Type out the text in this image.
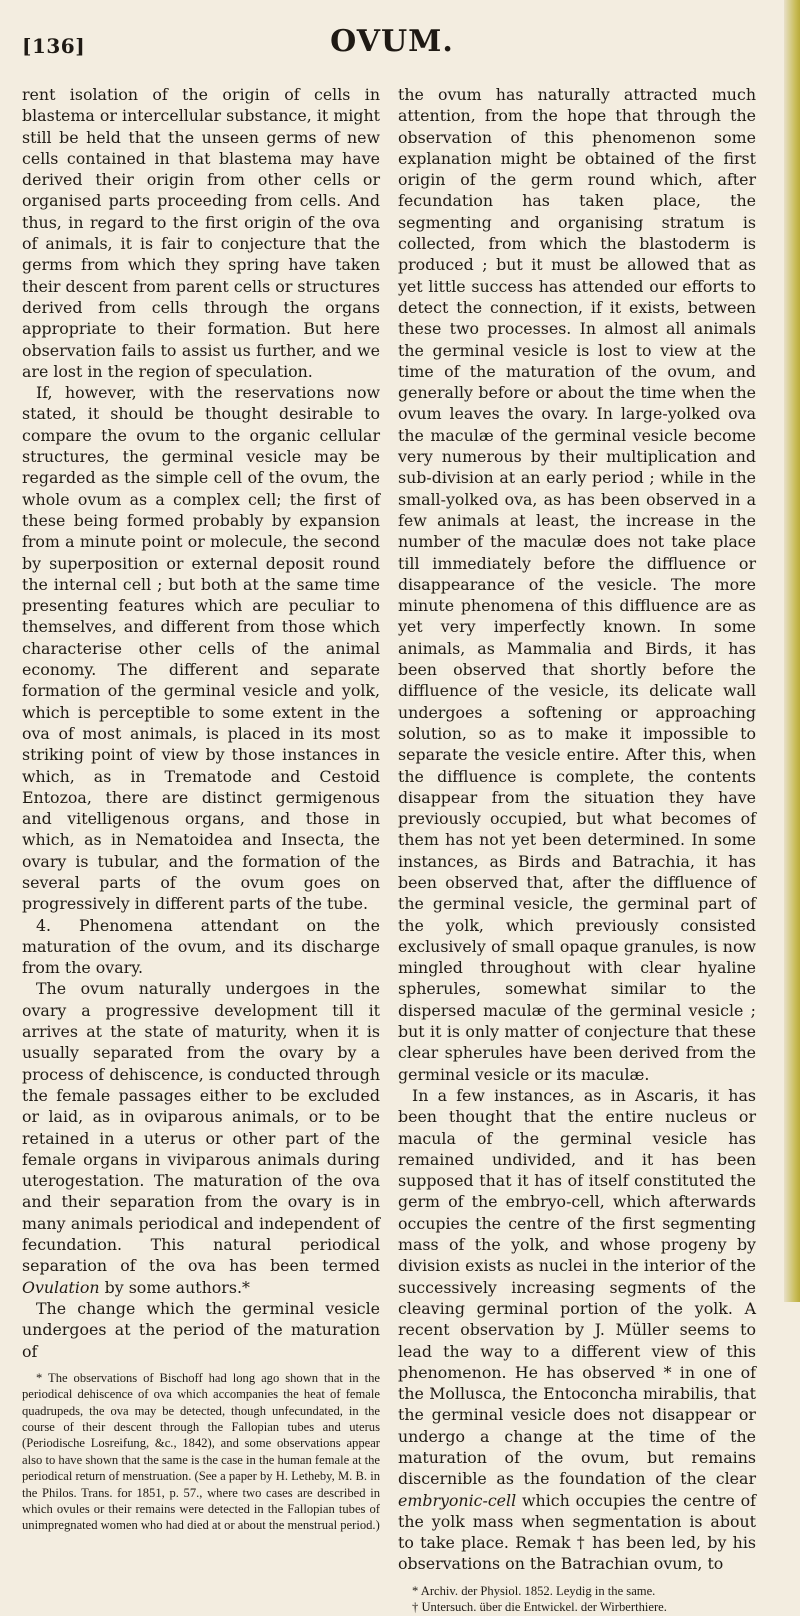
[136]	OVUM.

rent isolation of the origin of cells in blastema or intercellular substance, it might still be held that the unseen germs of new cells contained in that blastema may have derived their origin from other cells or organised parts proceeding from cells. And thus, in regard to the first origin of the ova of animals, it is fair to conjecture that the germs from which they spring have taken their descent from parent cells or structures derived from cells through the organs appropriate to their formation. But here observation fails to assist us further, and we are lost in the region of speculation.

If, however, with the reservations now stated, it should be thought desirable to compare the ovum to the organic cellular structures, the germinal vesicle may be regarded as the simple cell of the ovum, the whole ovum as a complex cell; the first of these being formed probably by expansion from a minute point or molecule, the second by superposition or external deposit round the internal cell ; but both at the same time presenting features which are peculiar to themselves, and different from those which characterise other cells of the animal economy. The different and separate formation of the germinal vesicle and yolk, which is perceptible to some extent in the ova of most animals, is placed in its most striking point of view by those instances in which, as in Trematode and Cestoid Entozoa, there are distinct germigenous and vitelligenous organs, and those in which, as in Nematoidea and Insecta, the ovary is tubular, and the formation of the several parts of the ovum goes on progressively in different parts of the tube.

4. Phenomena attendant on the maturation of the ovum, and its discharge from the ovary.

The ovum naturally undergoes in the ovary a progressive development till it arrives at the state of maturity, when it is usually separated from the ovary by a process of dehiscence, is conducted through the female passages either to be excluded or laid, as in oviparous animals, or to be retained in a uterus or other part of the female organs in viviparous animals during uterogestation. The maturation of the ova and their separation from the ovary is in many animals periodical and independent of fecundation. This natural periodical separation of the ova has been termed Ovulation by some authors.*

The change which the germinal vesicle undergoes at the period of the maturation of

* The observations of Bischoff had long ago shown that in the periodical dehiscence of ova which accompanies the heat of female quadrupeds, the ova may be detected, though unfecundated, in the course of their descent through the Fallopian tubes and uterus (Periodische Losreifung, &c., 1842), and some observations appear also to have shown that the same is the case in the human female at the periodical return of menstruation. (See a paper by H. Letheby, M. B. in the Philos. Trans. for 1851, p. 57., where two cases are described in which ovules or their remains were detected in the Fallopian tubes of unimpregnated women who had died at or about the menstrual period.)

the ovum has naturally attracted much attention, from the hope that through the observation of this phenomenon some explanation might be obtained of the first origin of the germ round which, after fecundation has taken place, the segmenting and organising stratum is collected, from which the blastoderm is produced ; but it must be allowed that as yet little success has attended our efforts to detect the connection, if it exists, between these two processes. In almost all animals the germinal vesicle is lost to view at the time of the maturation of the ovum, and generally before or about the time when the ovum leaves the ovary. In large-yolked ova the maculæ of the germinal vesicle become very numerous by their multiplication and sub-division at an early period ; while in the small-yolked ova, as has been observed in a few animals at least, the increase in the number of the maculæ does not take place till immediately before the diffluence or disappearance of the vesicle. The more minute phenomena of this diffluence are as yet very imperfectly known. In some animals, as Mammalia and Birds, it has been observed that shortly before the diffluence of the vesicle, its delicate wall undergoes a softening or approaching solution, so as to make it impossible to separate the vesicle entire. After this, when the diffluence is complete, the contents disappear from the situation they have previously occupied, but what becomes of them has not yet been determined. In some instances, as Birds and Batrachia, it has been observed that, after the diffluence of the germinal vesicle, the germinal part of the yolk, which previously consisted exclusively of small opaque granules, is now mingled throughout with clear hyaline spherules, somewhat similar to the dispersed maculæ of the germinal vesicle ; but it is only matter of conjecture that these clear spherules have been derived from the germinal vesicle or its maculæ.

In a few instances, as in Ascaris, it has been thought that the entire nucleus or macula of the germinal vesicle has remained undivided, and it has been supposed that it has of itself constituted the germ of the embryo-cell, which afterwards occupies the centre of the first segmenting mass of the yolk, and whose progeny by division exists as nuclei in the interior of the successively increasing segments of the cleaving germinal portion of the yolk. A recent observation by J. Müller seems to lead the way to a different view of this phenomenon. He has observed * in one of the Mollusca, the Entoconcha mirabilis, that the germinal vesicle does not disappear or undergo a change at the time of the maturation of the ovum, but remains discernible as the foundation of the clear embryonic-cell which occupies the centre of the yolk mass when segmentation is about to take place. Remak † has been led, by his observations on the Batrachian ovum, to

* Archiv. der Physiol. 1852. Leydig in the same.

† Untersuch. über die Entwickel. der Wirberthiere.
